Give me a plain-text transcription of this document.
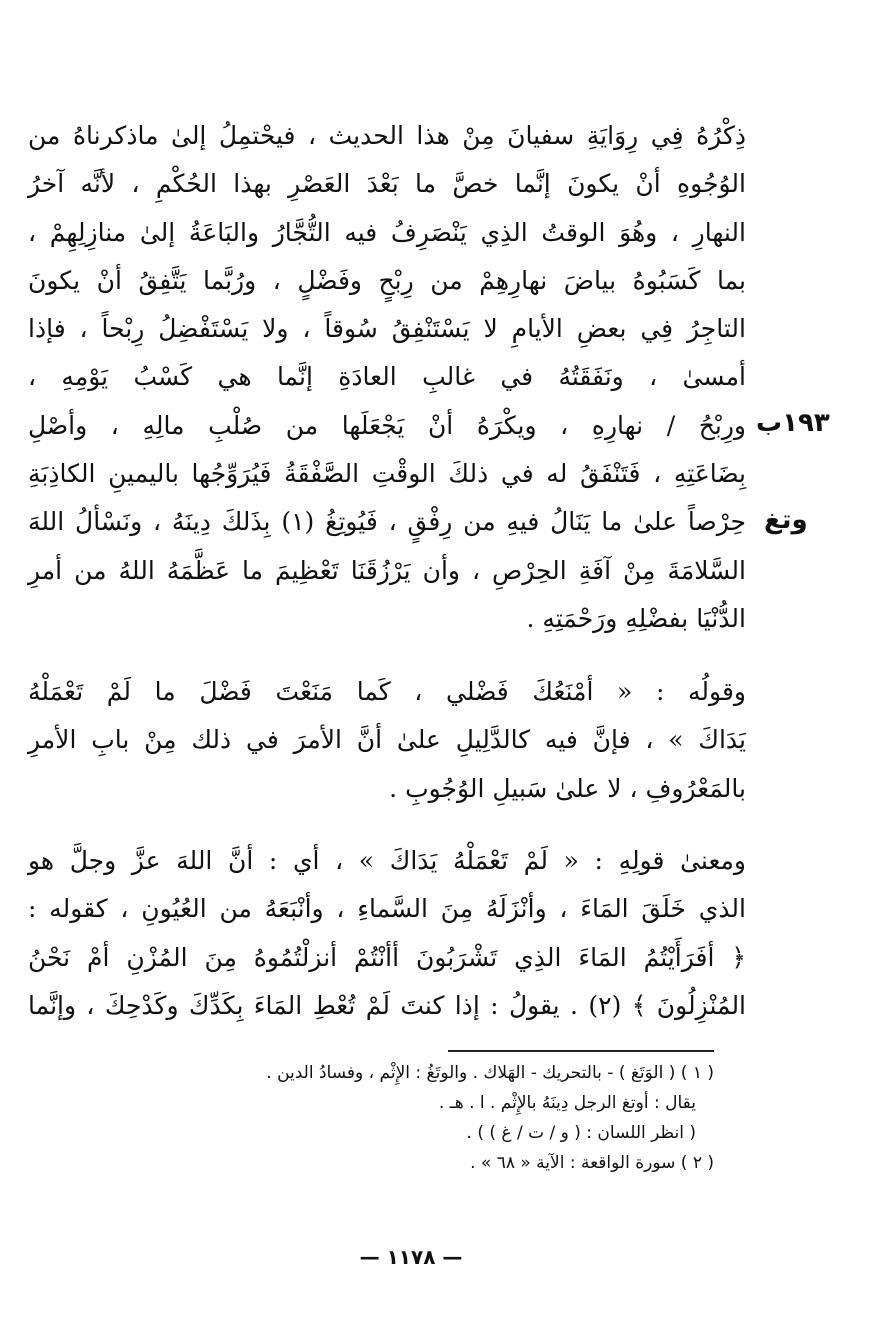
١٩٣ب
وتغ
ذِكْرُهُ فِي رِوَايَةِ سفيانَ مِنْ هذا الحديث ، فيحْتمِلُ إلىٰ ماذكرناهُ من
الوُجُوهِ أنْ يكونَ إنَّما خصَّ ما بَعْدَ العَصْرِ بهذا الحُكْمِ ، لأنَّه آخرُ
النهارِ ، وهُوَ الوقتُ الذِي يَنْصَرِفُ فيه التُّجَّارُ والبَاعَةُ إلىٰ منازِلِهِمْ ،
بما كَسَبُوهُ بياضَ نهارِهِمْ من رِبْحٍ وفَضْلٍ ، ورُبَّما يَتَّفِقُ أنْ يكونَ
التاجِرُ فِي بعضِ الأيامِ لا يَسْتَنْفِقُ سُوقاً ، ولا يَسْتَفْضِلُ رِبْحاً ، فإذا
أمسىٰ ، ونَفَقَتُهُ في غالبِ العادَةِ إنَّما هي كَسْبُ يَوْمِهِ ،
ورِبْحُ / نهارِهِ ، ويكْرَهُ أنْ يَجْعَلَها من صُلْبِ مالِهِ ، وأصْلِ
بِضَاعَتِهِ ، فَتَنْفَقُ له في ذلكَ الوقْتِ الصَّفْقَةُ فَيُرَوِّجُها باليمينِ الكاذِبَةِ
حِرْصاً علىٰ ما يَنَالُ فيهِ من رِفْقٍ ، فَيُوتِغُ (١) بِذَلكَ دِينَهُ ، ونَسْألُ اللهَ
السَّلامَةَ مِنْ آفَةِ الحِرْصِ ، وأن يَرْزُقَنَا تَعْظِيمَ ما عَظَّمَهُ اللهُ من أمرِ
الدُّنْيَا بفضْلِهِ ورَحْمَتِهِ .
وقولُه : « أمْنَعُكَ فَضْلي ، كَما مَنَعْتَ فَضْلَ ما لَمْ تَعْمَلْهُ
يَدَاكَ » ، فإنَّ فيه كالدَّلِيلِ علىٰ أنَّ الأمرَ في ذلك مِنْ بابِ الأمرِ
بالمَعْرُوفِ ، لا علىٰ سَبيلِ الوُجُوبِ .
ومعنىٰ قولِهِ : « لَمْ تَعْمَلْهُ يَدَاكَ » ، أي : أنَّ اللهَ عزَّ وجلَّ هو
الذي خَلَقَ المَاءَ ، وأنْزَلَهُ مِنَ السَّماءِ ، وأنْبَعَهُ من العُيُونِ ، كقوله :
﴿ أفَرَأَيْتُمُ المَاءَ الذِي تَشْرَبُونَ أأنْتُمْ أنزلْتُمُوهُ مِنَ المُزْنِ أمْ نَحْنُ
المُنْزِلُونَ ﴾ (٢) . يقولُ : إذا كنتَ لَمْ تُعْطِ المَاءَ بِكَدِّكَ وكَدْحِكَ ، وإنَّما
( ١ ) ( الوَتَغ ) - بالتحريك - الهَلاك . والوتَغُ : الإِثْم ، وفسادُ الدين .
يقال : أوتغ الرجل دِينَهُ بالإِثْم . ا . هـ .
( انظر اللسان : ( و / ت / غ ) ) .
( ٢ ) سورة الواقعة : الآية « ٦٨ » .
— ١١٧٨ —
